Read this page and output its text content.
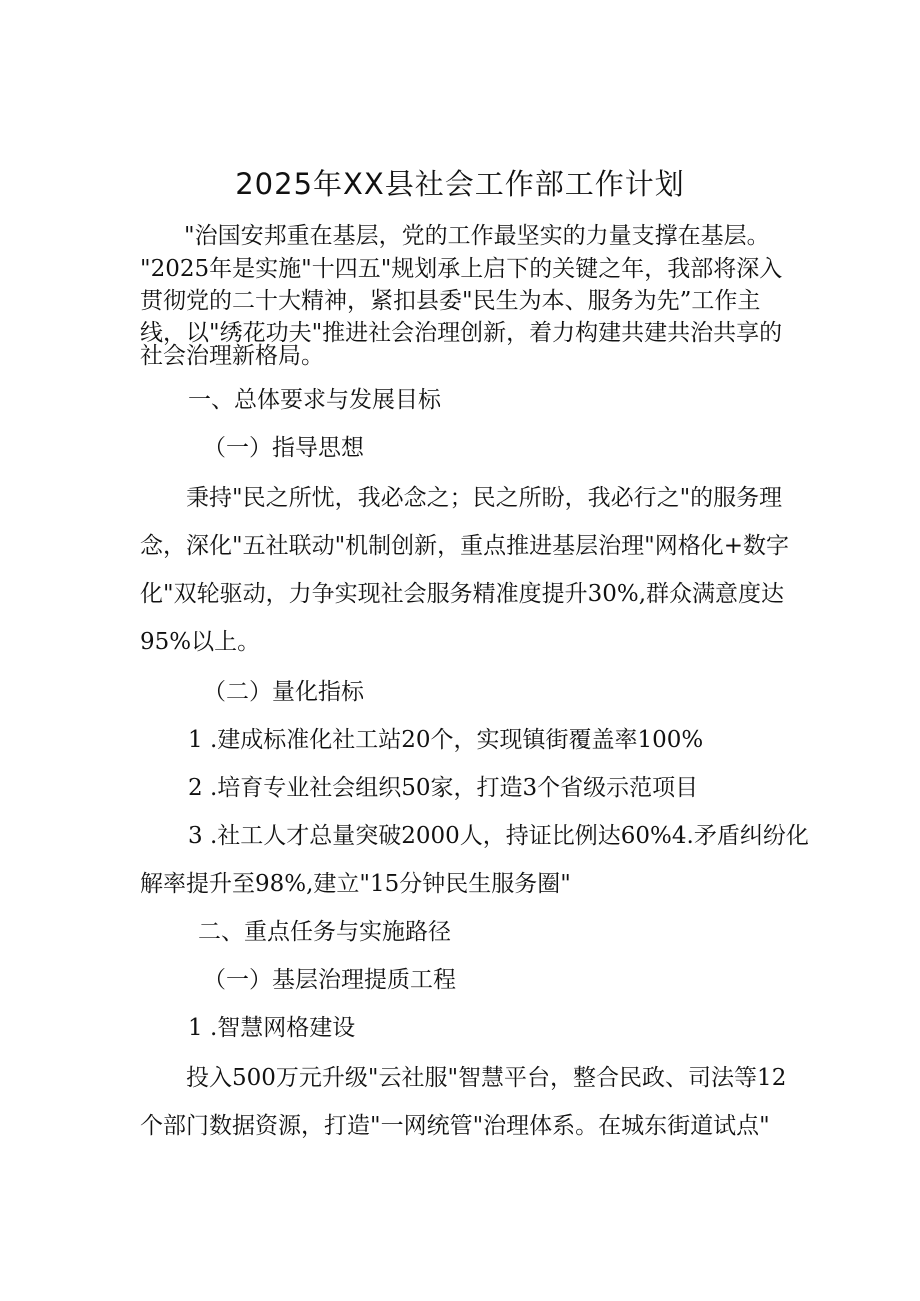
2025年XX县社会工作部工作计划
"治国安邦重在基层，党的工作最坚实的力量支撑在基层。
"2025年是实施"十四五"规划承上启下的关键之年，我部将深入
贯彻党的二十大精神，紧扣县委"民生为本、服务为先”工作主
线，以"绣花功夫"推进社会治理创新，着力构建共建共治共享的
社会治理新格局。
一、总体要求与发展目标
（一）指导思想
秉持"民之所忧，我必念之；民之所盼，我必行之"的服务理
念，深化"五社联动"机制创新，重点推进基层治理"网格化+数字
化"双轮驱动，力争实现社会服务精准度提升30%,群众满意度达
95%以上。
（二）量化指标
1 .建成标准化社工站20个，实现镇街覆盖率100%
2 .培育专业社会组织50家，打造3个省级示范项目
3 .社工人才总量突破2000人，持证比例达60%4.矛盾纠纷化
解率提升至98%,建立"15分钟民生服务圈"
二、重点任务与实施路径
（一）基层治理提质工程
1 .智慧网格建设
投入500万元升级"云社服"智慧平台，整合民政、司法等12
个部门数据资源，打造"一网统管"治理体系。在城东街道试点"
